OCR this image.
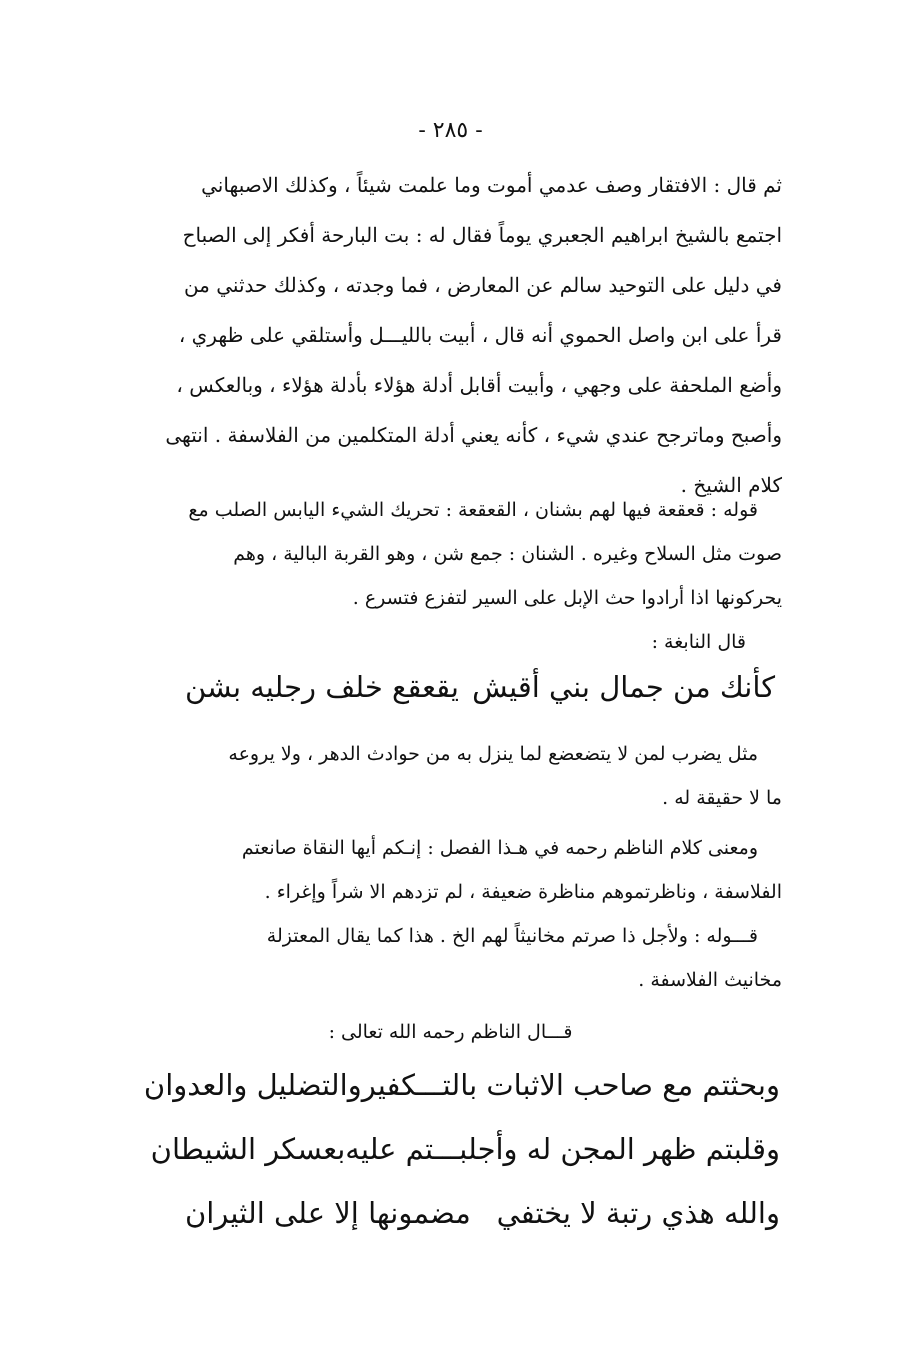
- ٢٨٥ -
ثم قال : الافتقار وصف عدمي أموت وما علمت شيئاً ، وكذلك الاصبهاني
اجتمع بالشيخ ابراهيم الجعبري يوماً فقال له : بت البارحة أفكر إلى الصباح
في دليل على التوحيد سالم عن المعارض ، فما وجدته ، وكذلك حدثني من
قرأ على ابن واصل الحموي أنه قال ، أبيت بالليـــل وأستلقي على ظهري ،
وأضع الملحفة على وجهي ، وأبيت أقابل أدلة هؤلاء بأدلة هؤلاء ، وبالعكس ،
وأصبح وماترجح عندي شيء ، كأنه يعني أدلة المتكلمين من الفلاسفة . انتهى
كلام الشيخ .
قوله : قعقعة فيها لهم بشنان ، القعقعة : تحريك الشيء اليابس الصلب مع
صوت مثل السلاح وغيره . الشنان : جمع شن ، وهو القربة البالية ، وهم
يحركونها اذا أرادوا حث الإبل على السير لتفزع فتسرع .
قال النابغة :
كأنك من جمال بني أقيش
يقعقع خلف رجليه بشن
مثل يضرب لمن لا يتضعضع لما ينزل به من حوادث الدهر ، ولا يروعه
ما لا حقيقة له .
ومعنى كلام الناظم رحمه في هـذا الفصل : إنـكم أيها النقاة صانعتم
الفلاسفة ، وناظرتموهم مناظرة ضعيفة ، لم تزدهم الا شراً وإغراء .
قـــوله : ولأجل ذا صرتم مخانيثاً لهم الخ . هذا كما يقال المعتزلة
مخانيث الفلاسفة .
قـــال الناظم رحمه الله تعالى :
وبحثتم مع صاحب الاثبات بالتـــكفير
والتضليل والعدوان
وقلبتم ظهر المجن له وأجلبـــتم عليه
بعسكر الشيطان
والله هذي رتبة لا يختفي
مضمونها إلا على الثيران
